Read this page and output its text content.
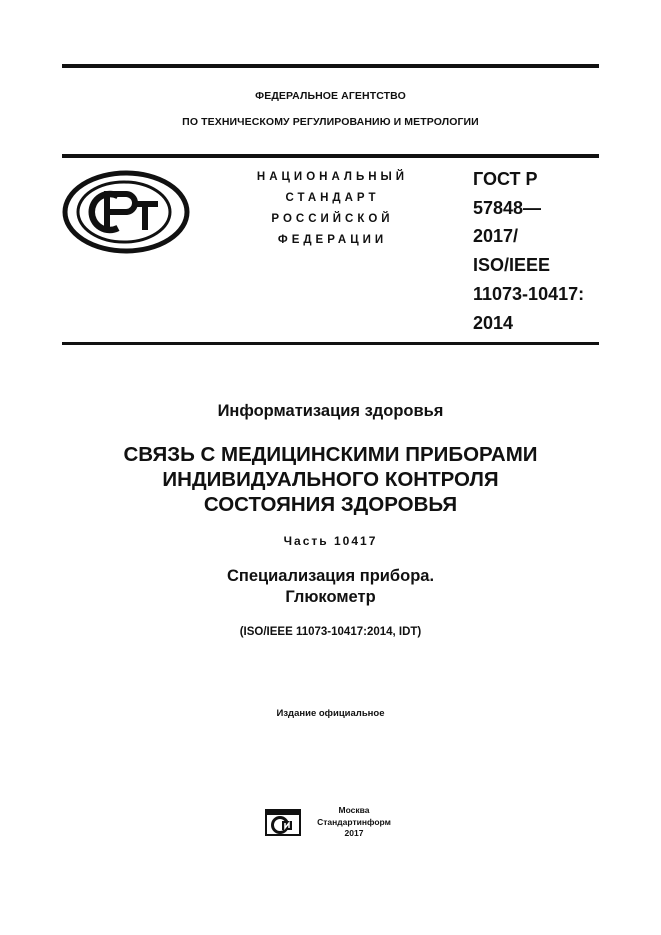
ФЕДЕРАЛЬНОЕ АГЕНТСТВО
ПО ТЕХНИЧЕСКОМУ РЕГУЛИРОВАНИЮ И МЕТРОЛОГИИ
НАЦИОНАЛЬНЫЙ
СТАНДАРТ
РОССИЙСКОЙ
ФЕДЕРАЦИИ
ГОСТ Р
57848—
2017/
ISO/IEEE
11073-10417:
2014
Информатизация здоровья
СВЯЗЬ С МЕДИЦИНСКИМИ ПРИБОРАМИ
ИНДИВИДУАЛЬНОГО КОНТРОЛЯ
СОСТОЯНИЯ ЗДОРОВЬЯ
Часть 10417
Специализация прибора.
Глюкометр
(ISO/IEEE 11073-10417:2014, IDT)
Издание официальное
Москва
Стандартинформ
2017
